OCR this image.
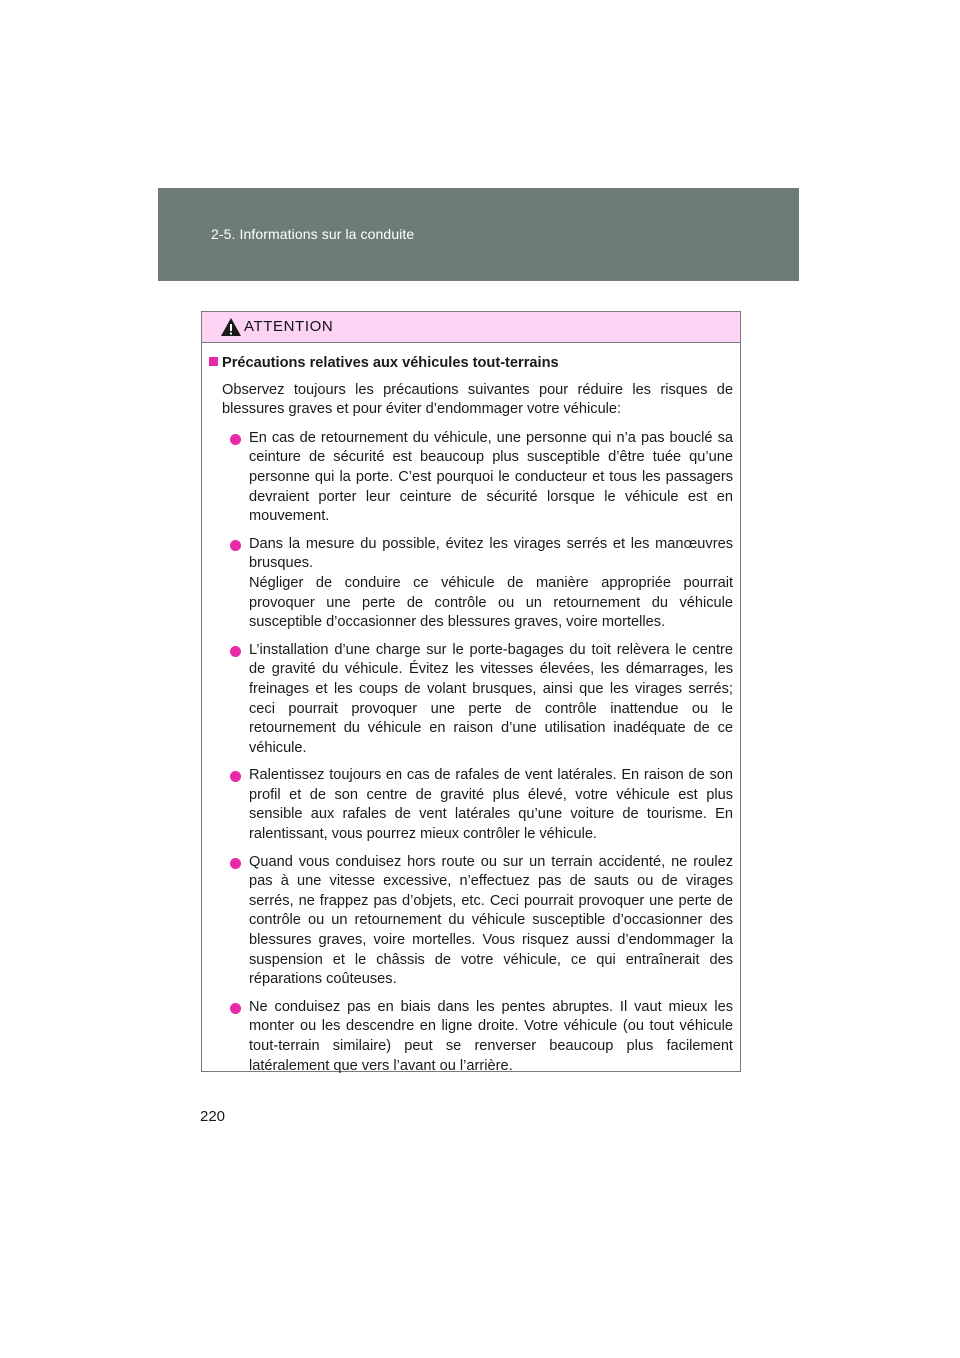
2-5. Informations sur la conduite
ATTENTION
Précautions relatives aux véhicules tout-terrains

Observez toujours les précautions suivantes pour réduire les risques de blessures graves et pour éviter d’endommager votre véhicule:

En cas de retournement du véhicule, une personne qui n’a pas bouclé sa ceinture de sécurité est beaucoup plus susceptible d’être tuée qu’une personne qui la porte. C’est pourquoi le conducteur et tous les passagers devraient porter leur ceinture de sécurité lorsque le véhicule est en mouvement.

Dans la mesure du possible, évitez les virages serrés et les manœuvres brusques.

Négliger de conduire ce véhicule de manière appropriée pourrait provoquer une perte de contrôle ou un retournement du véhicule susceptible d’occasionner des blessures graves, voire mortelles.

L’installation d’une charge sur le porte-bagages du toit relèvera le centre de gravité du véhicule. Évitez les vitesses élevées, les démarrages, les freinages et les coups de volant brusques, ainsi que les virages serrés; ceci pourrait provoquer une perte de contrôle inattendue ou le retournement du véhicule en raison d’une utilisation inadéquate de ce véhicule.

Ralentissez toujours en cas de rafales de vent latérales. En raison de son profil et de son centre de gravité plus élevé, votre véhicule est plus sensible aux rafales de vent latérales qu’une voiture de tourisme. En ralentissant, vous pourrez mieux contrôler le véhicule.

Quand vous conduisez hors route ou sur un terrain accidenté, ne roulez pas à une vitesse excessive, n’effectuez pas de sauts ou de virages serrés, ne frappez pas d’objets, etc. Ceci pourrait provoquer une perte de contrôle ou un retournement du véhicule susceptible d’occasionner des blessures graves, voire mortelles. Vous risquez aussi d’endommager la suspension et le châssis de votre véhicule, ce qui entraînerait des réparations coûteuses.

Ne conduisez pas en biais dans les pentes abruptes. Il vaut mieux les monter ou les descendre en ligne droite. Votre véhicule (ou tout véhicule tout-terrain similaire) peut se renverser beaucoup plus facilement latéralement que vers l’avant ou l’arrière.

220
